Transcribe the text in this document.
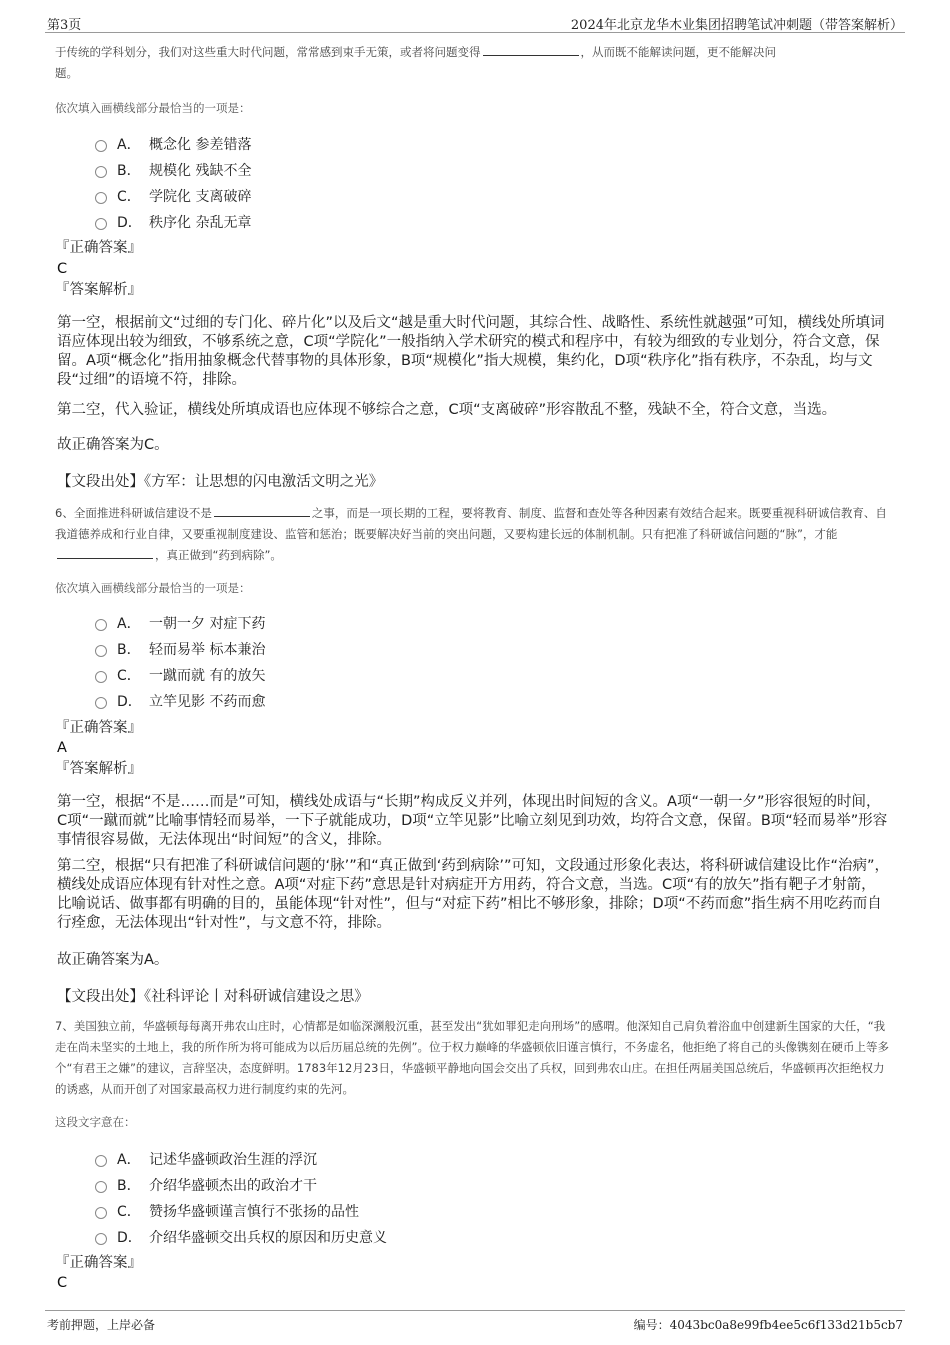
第3页	2024年北京龙华木业集团招聘笔试冲刺题（带答案解析）
于传统的学科划分，我们对这些重大时代问题，常常感到束手无策，或者将问题变得	，从而既不能解读问题，更不能解决问
题。
依次填入画横线部分最恰当的一项是：
A． 概念化 参差错落
B． 规模化 残缺不全
C． 学院化 支离破碎
D． 秩序化 杂乱无章
『正确答案』
C
『答案解析』
第一空，根据前文“过细的专门化、碎片化”以及后文“越是重大时代问题，其综合性、战略性、系统性就越强”可知，横线处所填词语应体现出较为细致，不够系统之意，C项“学院化”一般指纳入学术研究的模式和程序中，有较为细致的专业划分，符合文意，保留。A项“概念化”指用抽象概念代替事物的具体形象，B项“规模化”指大规模，集约化，D项“秩序化”指有秩序，不杂乱，均与文段“过细”的语境不符，排除。
第二空，代入验证，横线处所填成语也应体现不够综合之意，C项“支离破碎”形容散乱不整，残缺不全，符合文意，当选。
故正确答案为C。
【文段出处】《方军：让思想的闪电激活文明之光》
6、全面推进科研诚信建设不是	之事，而是一项长期的工程，要将教育、制度、监督和查处等各种因素有效结合起来。既要重视科研诚信教育、自我道德养成和行业自律，又要重视制度建设、监管和惩治；既要解决好当前的突出问题，又要构建长远的体制机制。只有把准了科研诚信问题的“脉”，才能，真正做到“药到病除”。
依次填入画横线部分最恰当的一项是：
A． 一朝一夕 对症下药
B． 轻而易举 标本兼治
C． 一蹴而就 有的放矢
D． 立竿见影 不药而愈
『正确答案』
A
『答案解析』
第一空，根据“不是……而是”可知，横线处成语与“长期”构成反义并列，体现出时间短的含义。A项“一朝一夕”形容很短的时间，C项“一蹴而就”比喻事情轻而易举，一下子就能成功，D项“立竿见影”比喻立刻见到功效，均符合文意，保留。B项“轻而易举”形容事情很容易做，无法体现出“时间短”的含义，排除。
第二空，根据“只有把准了科研诚信问题的‘脉’”和“真正做到‘药到病除’”可知，文段通过形象化表达，将科研诚信建设比作“治病”，横线处成语应体现有针对性之意。A项“对症下药”意思是针对病症开方用药，符合文意，当选。C项“有的放矢”指有靶子才射箭，比喻说话、做事都有明确的目的，虽能体现“针对性”，但与“对症下药”相比不够形象，排除；D项“不药而愈”指生病不用吃药而自行痊愈，无法体现出“针对性”，与文意不符，排除。
故正确答案为A。
【文段出处】《社科评论丨对科研诚信建设之思》
7、美国独立前，华盛顿每每离开弗农山庄时，心情都是如临深渊般沉重，甚至发出“犹如罪犯走向刑场”的感喟。他深知自己肩负着浴血中创建新生国家的大任，“我走在尚未坚实的土地上，我的所作所为将可能成为以后历届总统的先例”。位于权力巅峰的华盛顿依旧谨言慎行，不务虚名，他拒绝了将自己的头像镌刻在硬币上等多个“有君王之嫌”的建议，言辞坚决，态度鲜明。1783年12月23日，华盛顿平静地向国会交出了兵权，回到弗农山庄。在担任两届美国总统后，华盛顿再次拒绝权力的诱惑，从而开创了对国家最高权力进行制度约束的先河。
这段文字意在：
A． 记述华盛顿政治生涯的浮沉
B． 介绍华盛顿杰出的政治才干
C． 赞扬华盛顿谨言慎行不张扬的品性
D． 介绍华盛顿交出兵权的原因和历史意义
『正确答案』
C
考前押题，上岸必备	编号：4043bc0a8e99fb4ee5c6f133d21b5cb7
